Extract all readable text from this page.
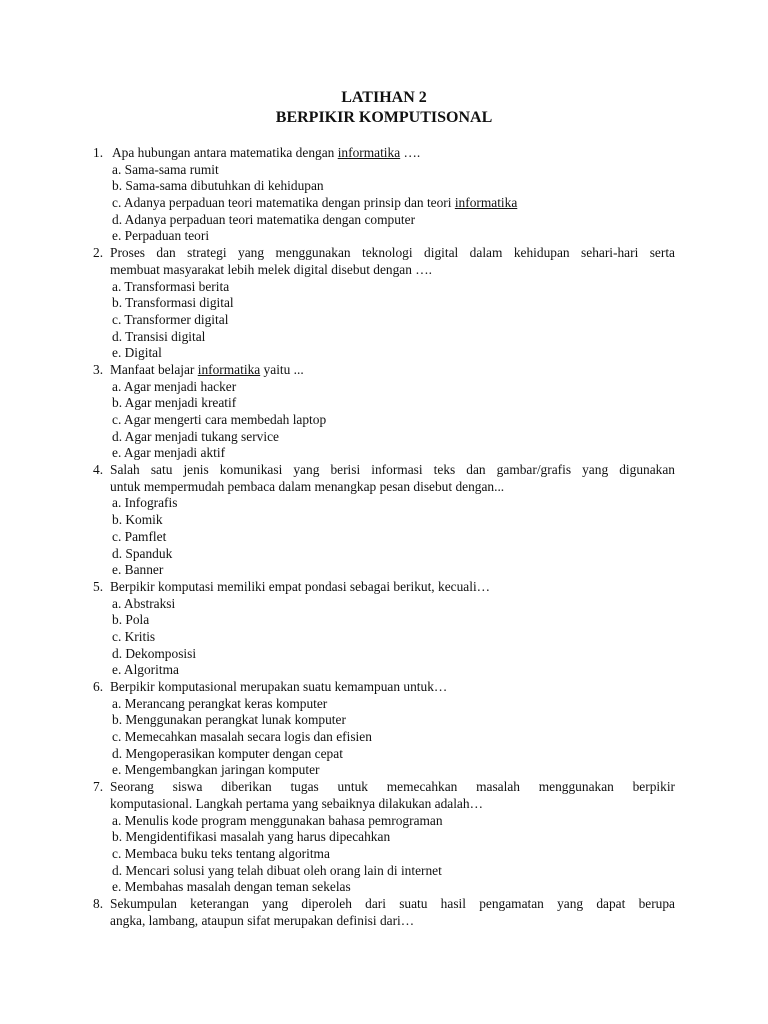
LATIHAN 2
BERPIKIR KOMPUTISONAL
1. Apa hubungan antara matematika dengan informatika ….
a. Sama-sama rumit
b. Sama-sama dibutuhkan di kehidupan
c. Adanya perpaduan teori matematika dengan prinsip dan teori informatika
d. Adanya perpaduan teori matematika dengan computer
e. Perpaduan teori
2. Proses dan strategi yang menggunakan teknologi digital dalam kehidupan sehari-hari serta
membuat masyarakat lebih melek digital disebut dengan ….
a. Transformasi berita
b. Transformasi digital
c. Transformer digital
d. Transisi digital
e. Digital
3. Manfaat belajar informatika yaitu ...
a. Agar menjadi hacker
b. Agar menjadi kreatif
c. Agar mengerti cara membedah laptop
d. Agar menjadi tukang service
e. Agar menjadi aktif
4. Salah satu jenis komunikasi yang berisi informasi teks dan gambar/grafis yang digunakan
untuk mempermudah pembaca dalam menangkap pesan disebut dengan...
a. Infografis
b. Komik
c. Pamflet
d. Spanduk
e. Banner
5. Berpikir komputasi memiliki empat pondasi sebagai berikut, kecuali…
a. Abstraksi
b. Pola
c. Kritis
d. Dekomposisi
e. Algoritma
6. Berpikir komputasional merupakan suatu kemampuan untuk…
a. Merancang perangkat keras komputer
b. Menggunakan perangkat lunak komputer
c. Memecahkan masalah secara logis dan efisien
d. Mengoperasikan komputer dengan cepat
e. Mengembangkan jaringan komputer
7. Seorang siswa diberikan tugas untuk memecahkan masalah menggunakan berpikir
komputasional. Langkah pertama yang sebaiknya dilakukan adalah…
a. Menulis kode program menggunakan bahasa pemrograman
b. Mengidentifikasi masalah yang harus dipecahkan
c. Membaca buku teks tentang algoritma
d. Mencari solusi yang telah dibuat oleh orang lain di internet
e. Membahas masalah dengan teman sekelas
8. Sekumpulan keterangan yang diperoleh dari suatu hasil pengamatan yang dapat berupa
angka, lambang, ataupun sifat merupakan definisi dari…
